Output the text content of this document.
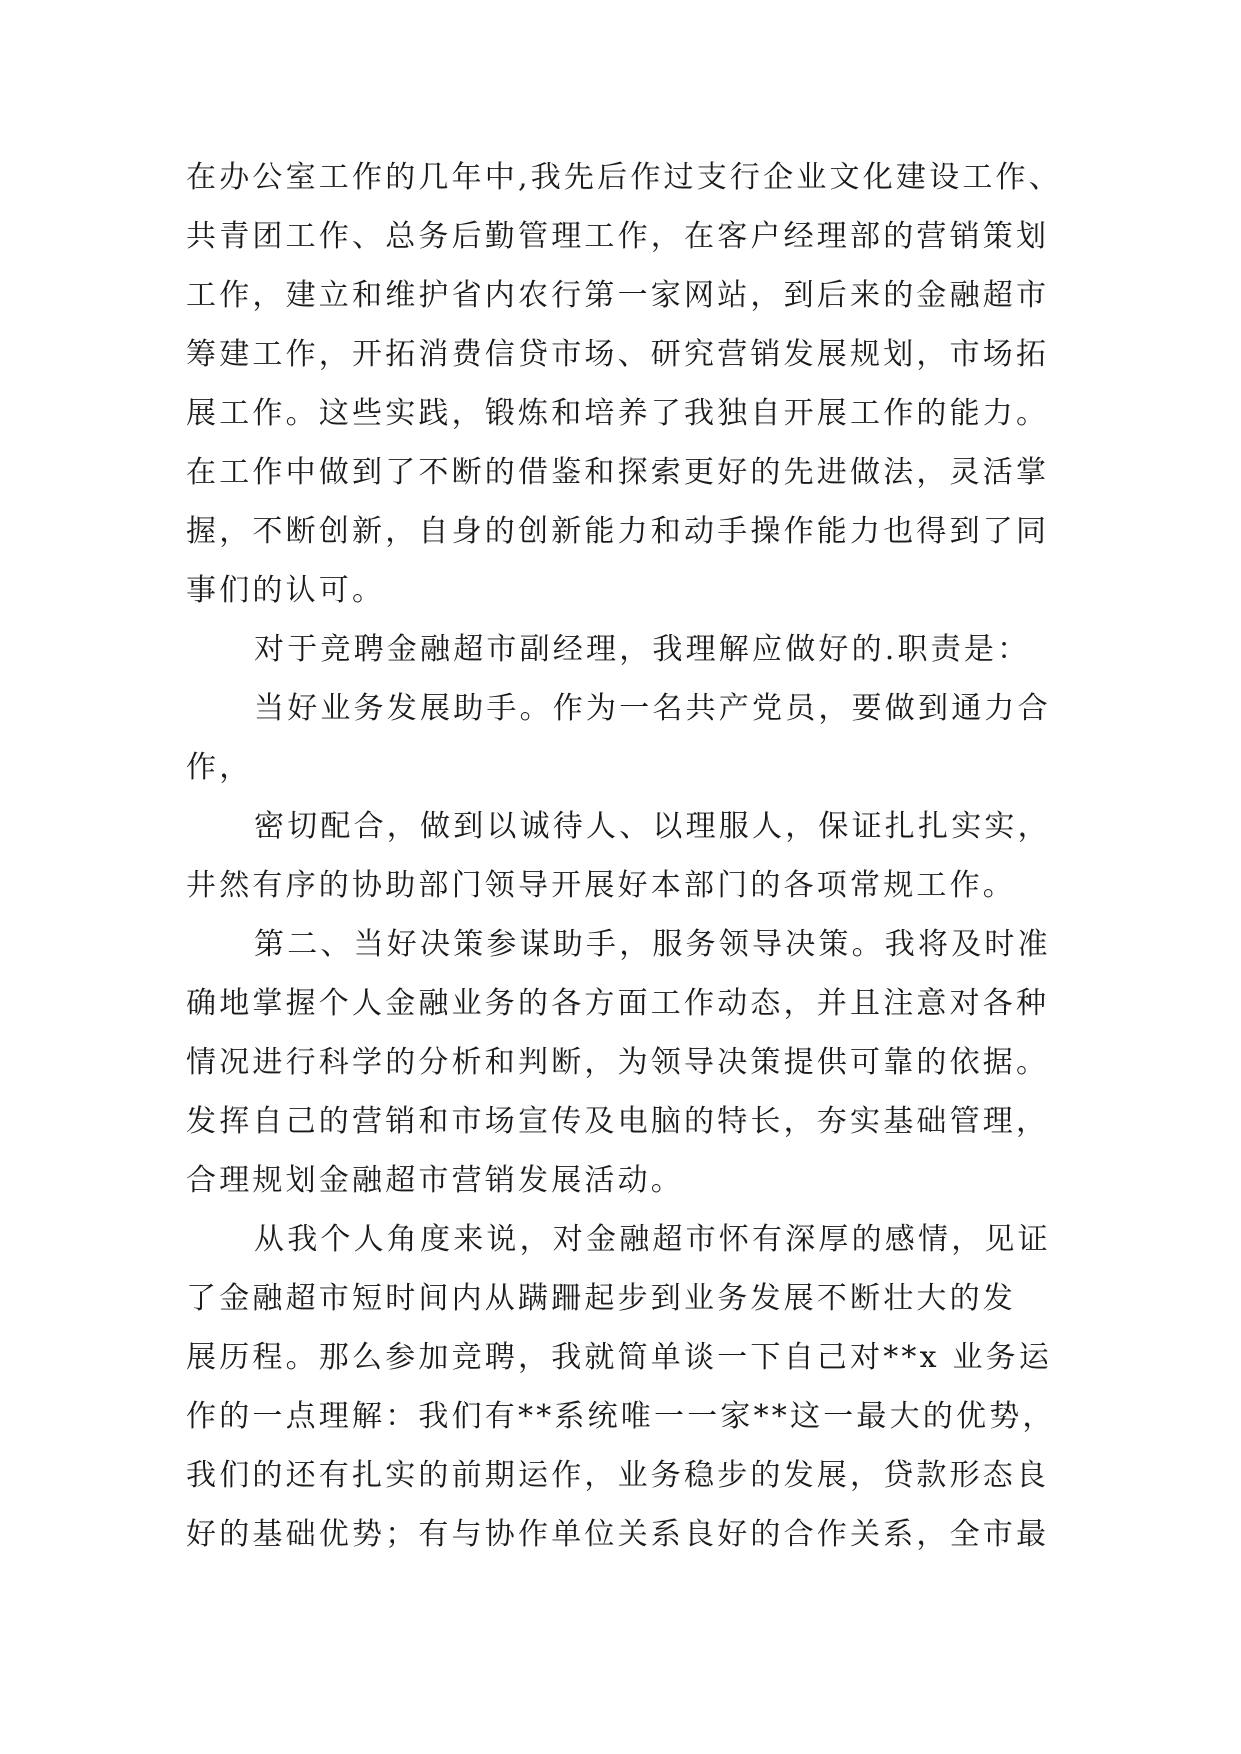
在办公室工作的几年中,我先后作过支行企业文化建设工作、
共青团工作、总务后勤管理工作，在客户经理部的营销策划
工作，建立和维护省内农行第一家网站，到后来的金融超市
筹建工作，开拓消费信贷市场、研究营销发展规划，市场拓
展工作。这些实践，锻炼和培养了我独自开展工作的能力。
在工作中做到了不断的借鉴和探索更好的先进做法，灵活掌
握，不断创新，自身的创新能力和动手操作能力也得到了同
事们的认可。
对于竞聘金融超市副经理，我理解应做好的.职责是：
当好业务发展助手。作为一名共产党员，要做到通力合
作，
密切配合，做到以诚待人、以理服人，保证扎扎实实，
井然有序的协助部门领导开展好本部门的各项常规工作。
第二、当好决策参谋助手，服务领导决策。我将及时准
确地掌握个人金融业务的各方面工作动态，并且注意对各种
情况进行科学的分析和判断，为领导决策提供可靠的依据。
发挥自己的营销和市场宣传及电脑的特长，夯实基础管理，
合理规划金融超市营销发展活动。
从我个人角度来说，对金融超市怀有深厚的感情，见证
了金融超市短时间内从蹒跚起步到业务发展不断壮大的发
展历程。那么参加竞聘，我就简单谈一下自己对**x 业务运
作的一点理解：我们有**系统唯一一家**这一最大的优势，
我们的还有扎实的前期运作，业务稳步的发展，贷款形态良
好的基础优势；有与协作单位关系良好的合作关系，全市最
